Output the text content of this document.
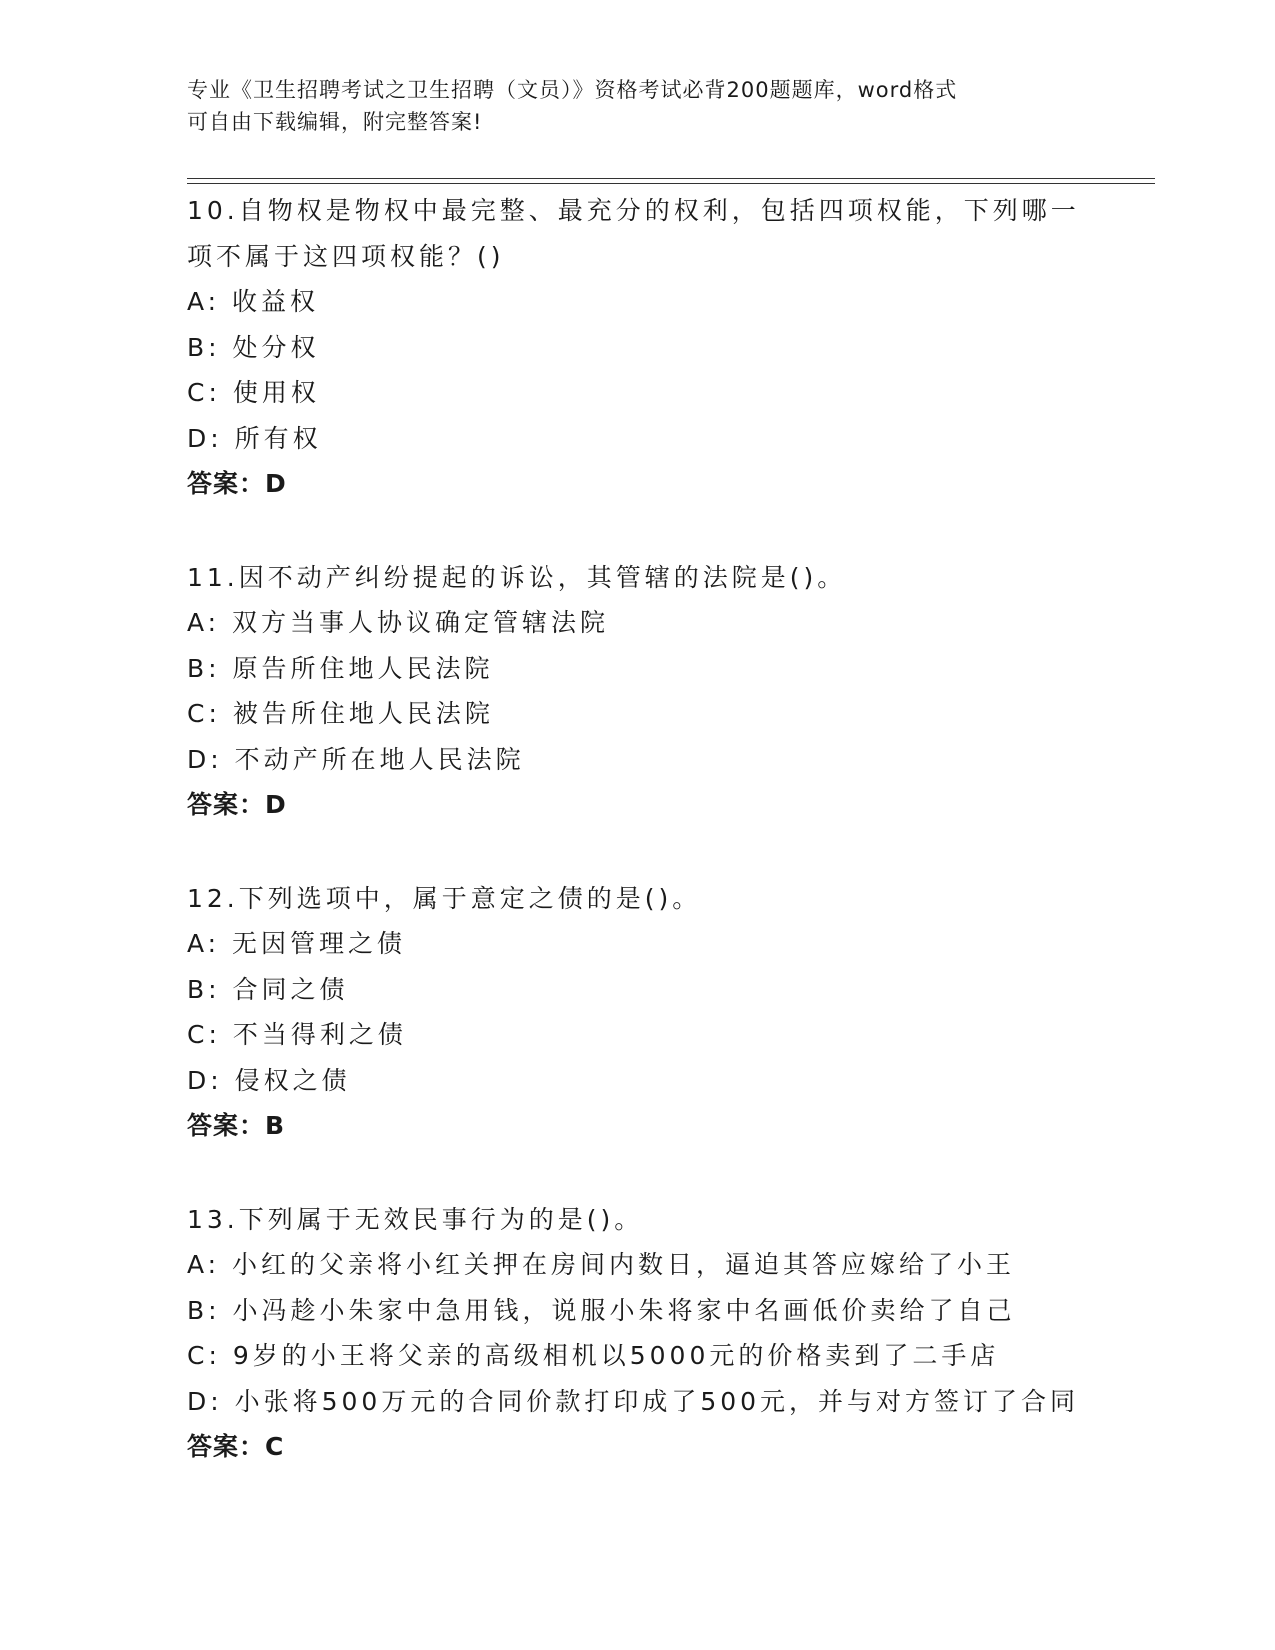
专业《卫生招聘考试之卫生招聘（文员）》资格考试必背200题题库，word格式
可自由下载编辑，附完整答案!
10.自物权是物权中最完整、最充分的权利，包括四项权能，下列哪一
项不属于这四项权能？()
A: 收益权
B: 处分权
C: 使用权
D: 所有权
答案：D
11.因不动产纠纷提起的诉讼，其管辖的法院是()。
A: 双方当事人协议确定管辖法院
B: 原告所住地人民法院
C: 被告所住地人民法院
D: 不动产所在地人民法院
答案：D
12.下列选项中，属于意定之债的是()。
A: 无因管理之债
B: 合同之债
C: 不当得利之债
D: 侵权之债
答案：B
13.下列属于无效民事行为的是()。
A: 小红的父亲将小红关押在房间内数日，逼迫其答应嫁给了小王
B: 小冯趁小朱家中急用钱，说服小朱将家中名画低价卖给了自己
C: 9岁的小王将父亲的高级相机以5000元的价格卖到了二手店
D: 小张将500万元的合同价款打印成了500元，并与对方签订了合同
答案：C
